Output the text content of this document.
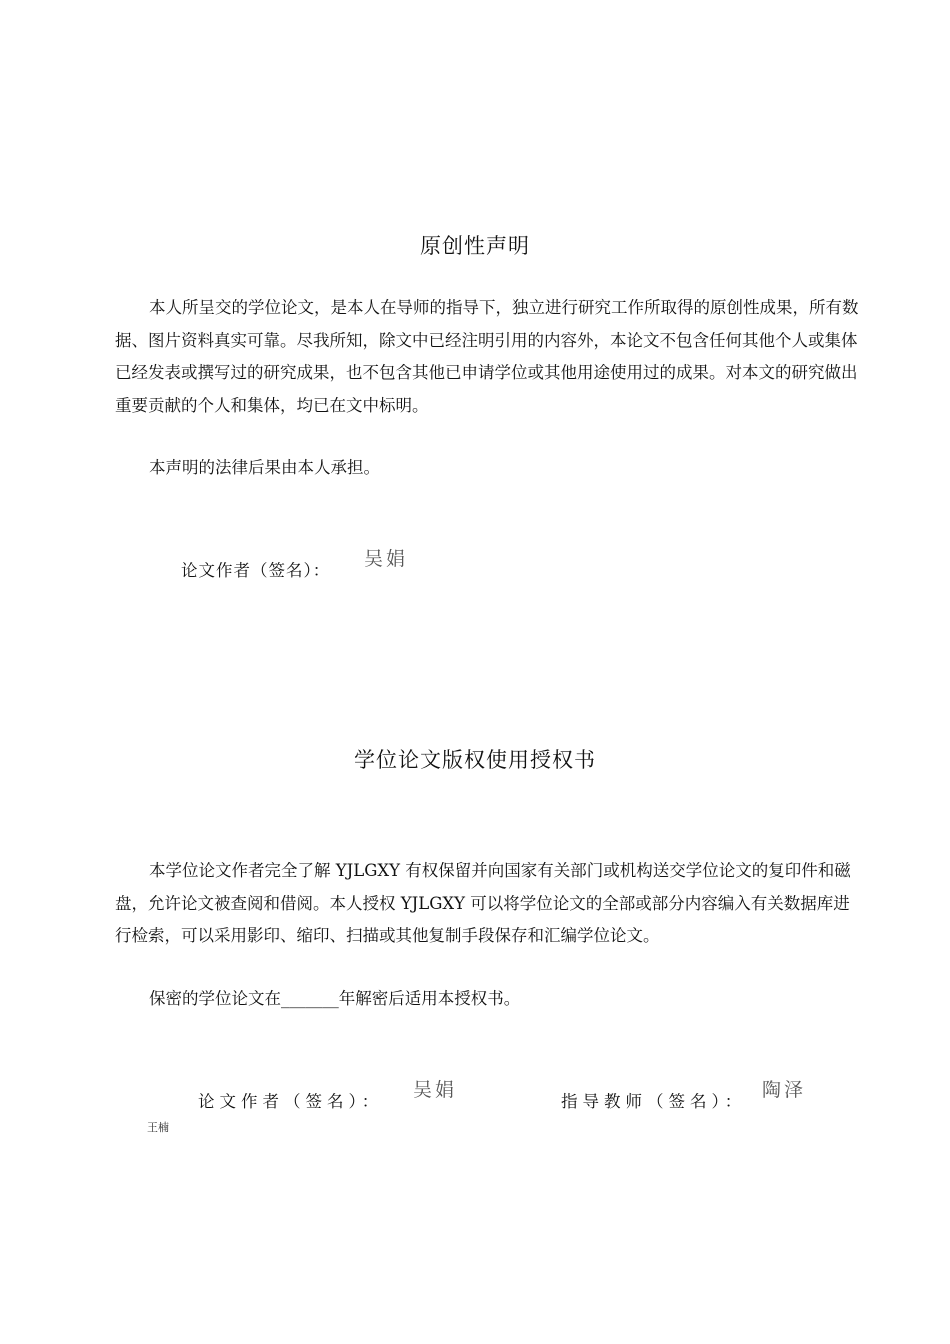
原创性声明

本人所呈交的学位论文，是本人在导师的指导下，独立进行研究工作所取得的原创性成果，所有数据、图片资料真实可靠。尽我所知，除文中已经注明引用的内容外，本论文不包含任何其他个人或集体已经发表或撰写过的研究成果，也不包含其他已申请学位或其他用途使用过的成果。对本文的研究做出重要贡献的个人和集体，均已在文中标明。

本声明的法律后果由本人承担。

论文作者（签名）：
吴娟
学位论文版权使用授权书

本学位论文作者完全了解 YJLGXY 有权保留并向国家有关部门或机构送交学位论文的复印件和磁盘，允许论文被查阅和借阅。本人授权 YJLGXY 可以将学位论文的全部或部分内容编入有关数据库进行检索，可以采用影印、缩印、扫描或其他复制手段保存和汇编学位论文。

保密的学位论文在_______年解密后适用本授权书。

论文作者（签名）：
吴娟
指导教师（签名）：
陶泽
王楠
